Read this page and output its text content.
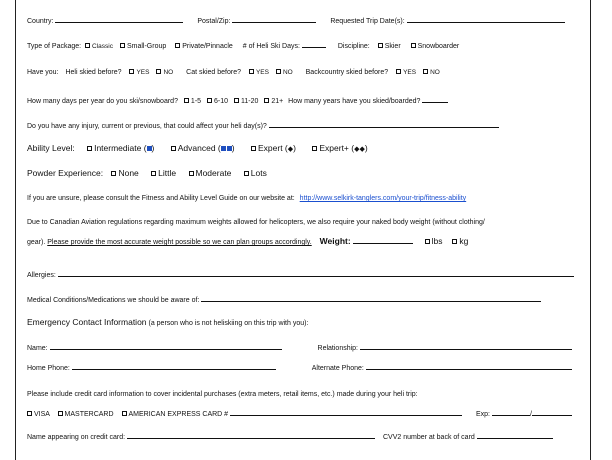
Country:	Postal/Zip:	Requested Trip Date(s):
Type of Package: Classic Small-Group Private/Pinnacle # of Heli Ski Days:	Discipline: Skier Snowboarder
Have you: Heli skied before? YES NO Cat skied before? YES NO Backcountry skied before? YES NO
How many days per year do you ski/snowboard? 1-5 6-10 11-20 21+ How many years have you skied/boarded?
Do you have any injury, current or previous, that could affect your heli day(s)?
Ability Level: Intermediate ( )	Advanced ( )	Expert (◆)	Expert+ (◆◆)
Powder Experience: None Little Moderate Lots
If you are unsure, please consult the Fitness and Ability Level Guide on our website at: http://www.selkirk-tanglers.com/your-trip/fitness-ability
Due to Canadian Aviation regulations regarding maximum weights allowed for helicopters, we also require your naked body weight (without clothing/
gear). Please provide the most accurate weight possible so we can plan groups accordingly. Weight:	lbs kg
Allergies:
Medical Conditions/Medications we should be aware of:
Emergency Contact Information (a person who is not heliskiing on this trip with you):
Name:	Relationship:
Home Phone:	Alternate Phone:
Please include credit card information to cover incidental purchases (extra meters, retail items, etc.) made during your heli trip:
VISA MASTERCARD AMERICAN EXPRESS CARD #	Exp:	/
Name appearing on credit card:	CVV2 number at back of card
